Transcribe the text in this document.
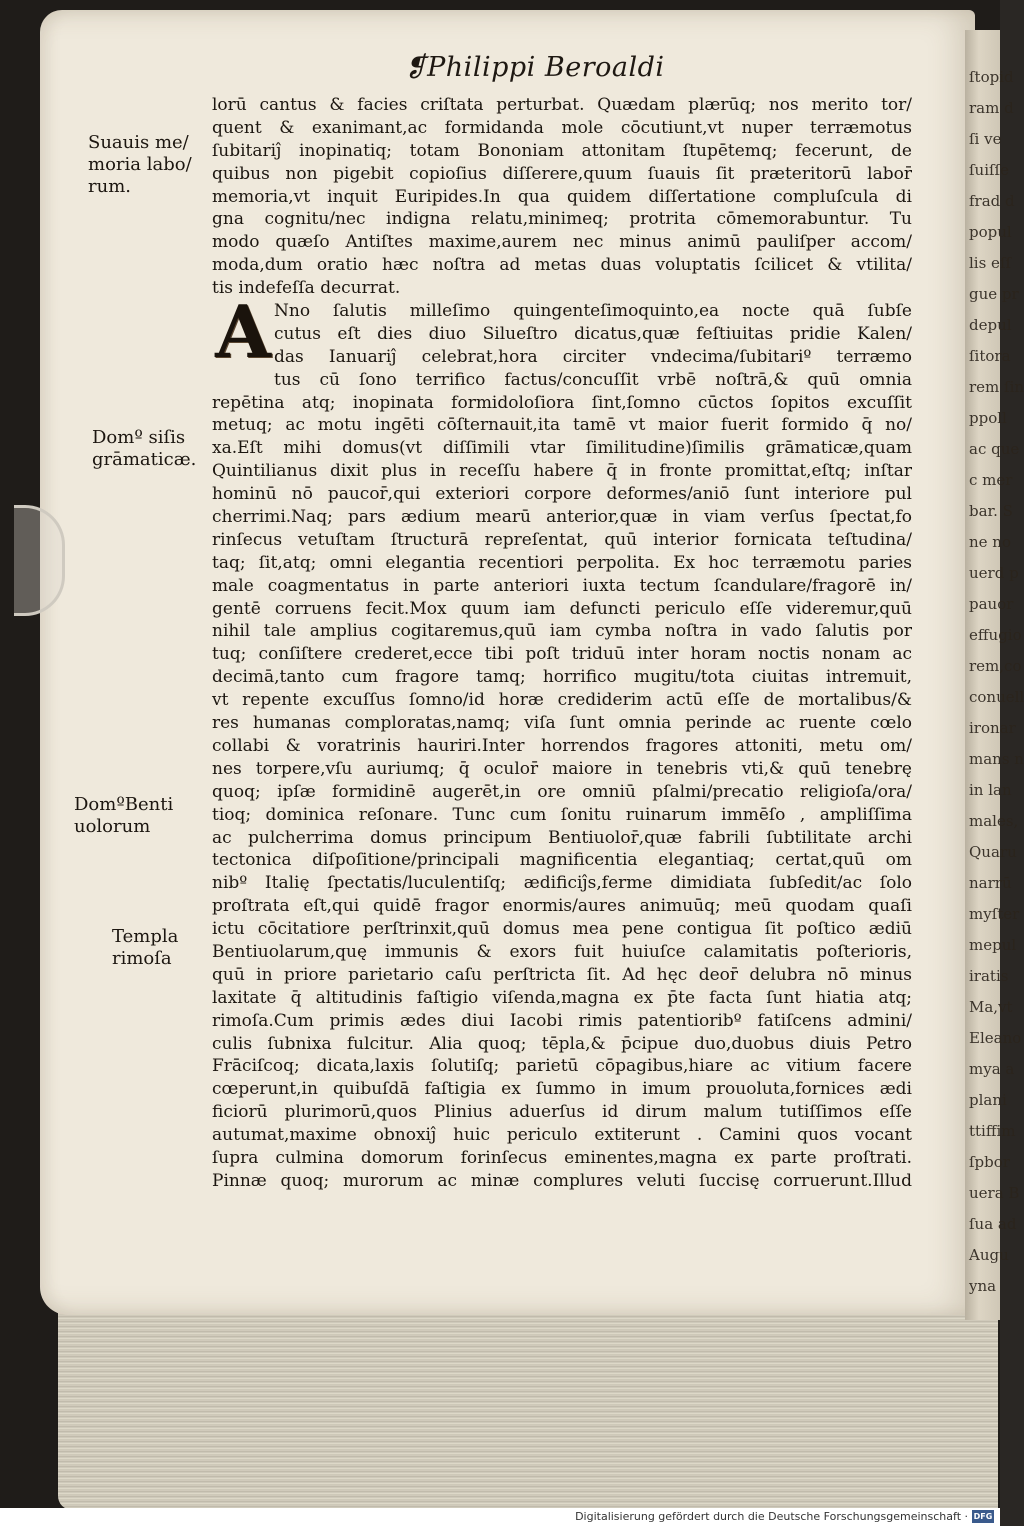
ſtopid
ram d
ſi ve
ſuiſſe
frad d
popul
lis eſſ
gue pr
depul
ſitora
rem ſin
ppoll
ac que
c mer
bar. S
ne no
uerd p
pauor
effugio
rem,co
conuell
ironar
mans n
in lan
males,
Quaru
narrū
myſter
mepul
iratis
Ma,vt
Eleano
mya a
plani
ttiffim
ſpbor
uera B
ſua ad
Augu
yna
❡Philippi Beroaldi
A
Suauis me/
moria labo/
rum.
Domº siſis
grāmaticæ.
DomºBenti
uolorum
Templa
rimoſa
lorū cantus & facies criſtata perturbat. Quædam plærūq; nos merito tor/
quent & exanimant,ac formidanda mole cōcutiunt,vt nuper terræmotus
ſubitariĵ inopinatiq; totam Bononiam attonitam ſtupētemq; fecerunt, de
quibus non pigebit copioſius diſſerere,quum ſuauis ſit præteritorū labor̄
memoria,vt inquit Euripides.In qua quidem diſſertatione compluſcula di
gna cognitu/nec indigna relatu,minimeq; protrita cōmemorabuntur. Tu
modo quæſo Antiſtes maxime,aurem nec minus animū pauliſper accom/
moda,dum oratio hæc noſtra ad metas duas voluptatis ſcilicet & vtilita/
tis indefeſſa decurrat.
Nno ſalutis milleſimo quingenteſimoquinto,ea nocte quā ſubſe
cutus eſt dies diuo Silueſtro dicatus,quæ feſtiuitas pridie Kalen/
das Ianuariĵ celebrat,hora circiter vndecima/ſubitariº terræmo
tus cū ſono terrifico factus/concuſſit vrbē noſtrā,& quū omnia
repētina atq; inopinata formidoloſiora ſint,ſomno cūctos ſopitos excuſſit
metuq; ac motu ingēti cōſternauit,ita tamē vt maior fuerit formido q̄ no/
xa.Eſt mihi domus(vt diſſimili vtar ſimilitudine)ſimilis grāmaticæ,quam
Quintilianus dixit plus in receſſu habere q̄ in fronte promittat,eſtq; inſtar
hominū nō paucor̄,qui exteriori corpore deformes/aniō ſunt interiore pul
cherrimi.Naq; pars ædium mearū anterior,quæ in viam verſus ſpectat,fo
rinſecus vetuſtam ſtructurā repreſentat, quū interior fornicata teſtudina/
taq; ſit,atq; omni elegantia recentiori perpolita. Ex hoc terræmotu paries
male coagmentatus in parte anteriori iuxta tectum ſcandulare/fragorē in/
gentē corruens fecit.Mox quum iam defuncti periculo eſſe videremur,quū
nihil tale amplius cogitaremus,quū iam cymba noſtra in vado ſalutis por
tuq; conſiſtere crederet,ecce tibi poſt triduū inter horam noctis nonam ac
decimā,tanto cum fragore tamq; horrifico mugitu/tota ciuitas intremuit,
vt repente excuſſus ſomno/id horæ crediderim actū eſſe de mortalibus/&
res humanas comploratas,namq; viſa ſunt omnia perinde ac ruente cœlo
collabi & voratrinis hauriri.Inter horrendos fragores attoniti, metu om/
nes torpere,vſu auriumq; q̄ oculor̄ maiore in tenebris vti,& quū tenebrę
quoq; ipſæ formidinē augerēt,in ore omniū pſalmi/precatio religioſa/ora/
tioq; dominica reſonare. Tunc cum ſonitu ruinarum immēſo , ampliſſima
ac pulcherrima domus principum Bentiuolor̄,quæ fabrili ſubtilitate archi
tectonica diſpoſitione/principali magnificentia elegantiaq; certat,quū om
nibº Italię ſpectatis/luculentiſq; ædificiĵs,ferme dimidiata ſubſedit/ac ſolo
proſtrata eſt,qui quidē fragor enormis/aures animuūq; meū quodam quaſi
ictu cōcitatiore perſtrinxit,quū domus mea pene contigua ſit poſtico ædiū
Bentiuolarum,quę immunis & exors fuit huiuſce calamitatis poſterioris,
quū in priore parietario caſu perſtricta ſit. Ad hęc deor̄ delubra nō minus
laxitate q̄ altitudinis faſtigio viſenda,magna ex p̄te facta ſunt hiatia atq;
rimoſa.Cum primis ædes diui Iacobi rimis patentioribº fatiſcens admini/
culis ſubnixa fulcitur. Alia quoq; tēpla,& p̄cipue duo,duobus diuis Petro
Frāciſcoq; dicata,laxis ſolutiſq; parietū cōpagibus,hiare ac vitium facere
cœperunt,in quibuſdā faſtigia ex ſummo in imum prouoluta,fornices ædi
ficiorū plurimorū,quos Plinius aduerſus id dirum malum tutiſſimos eſſe
autumat,maxime obnoxiĵ huic periculo extiterunt . Camini quos vocant
ſupra culmina domorum forinſecus eminentes,magna ex parte proſtrati.
Pinnæ quoq; murorum ac minæ complures veluti ſuccisę corruerunt.Illud
Digitalisierung gefördert durch die Deutsche Forschungsgemeinschaft · DFG
